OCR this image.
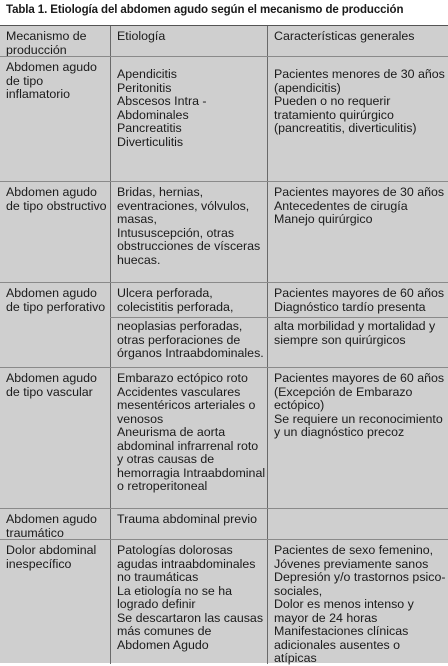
Tabla 1. Etiología del abdomen agudo según el mecanismo de producción
Mecanismo de
producción
Etiología	Características generales
Abdomen agudo
de tipo
inflamatorio
Apendicitis
Peritonitis
Abscesos Intra -
Abdominales
Pancreatitis
Diverticulitis
Pacientes menores de 30 años
(apendicitis)
Pueden o no requerir
tratamiento quirúrgico
(pancreatitis, diverticulitis)
Abdomen agudo
de tipo obstructivo
Bridas, hernias,
eventraciones, vólvulos,
masas,
Intususcepción, otras
obstrucciones de vísceras
huecas.
Pacientes mayores de 30 años
Antecedentes de cirugía
Manejo quirúrgico
Abdomen agudo
de tipo perforativo
Ulcera perforada,
colecistitis perforada,
neoplasias perforadas,
otras perforaciones de
órganos Intraabdominales.
Pacientes mayores de 60 años
Diagnóstico tardío presenta
alta morbilidad y mortalidad y
siempre son quirúrgicos
Abdomen agudo
de tipo vascular
Embarazo ectópico roto
Accidentes vasculares
mesentéricos arteriales o
venosos
Aneurisma de aorta
abdominal infrarrenal roto
y otras causas de
hemorragia Intraabdominal
o retroperitoneal
Pacientes mayores de 60 años
(Excepción de Embarazo
ectópico)
Se requiere un reconocimiento
y un diagnóstico precoz
Abdomen agudo
traumático
Trauma abdominal previo
Dolor abdominal
inespecífico
Patologías dolorosas
agudas intraabdominales
no traumáticas
La etiología no se ha
logrado definir
Se descartaron las causas
más comunes de
Abdomen Agudo
Pacientes de sexo femenino,
Jóvenes previamente sanos
Depresión y/o trastornos psico-
sociales,
Dolor es menos intenso y
mayor de 24 horas
Manifestaciones clínicas
adicionales ausentes o
atípicas
